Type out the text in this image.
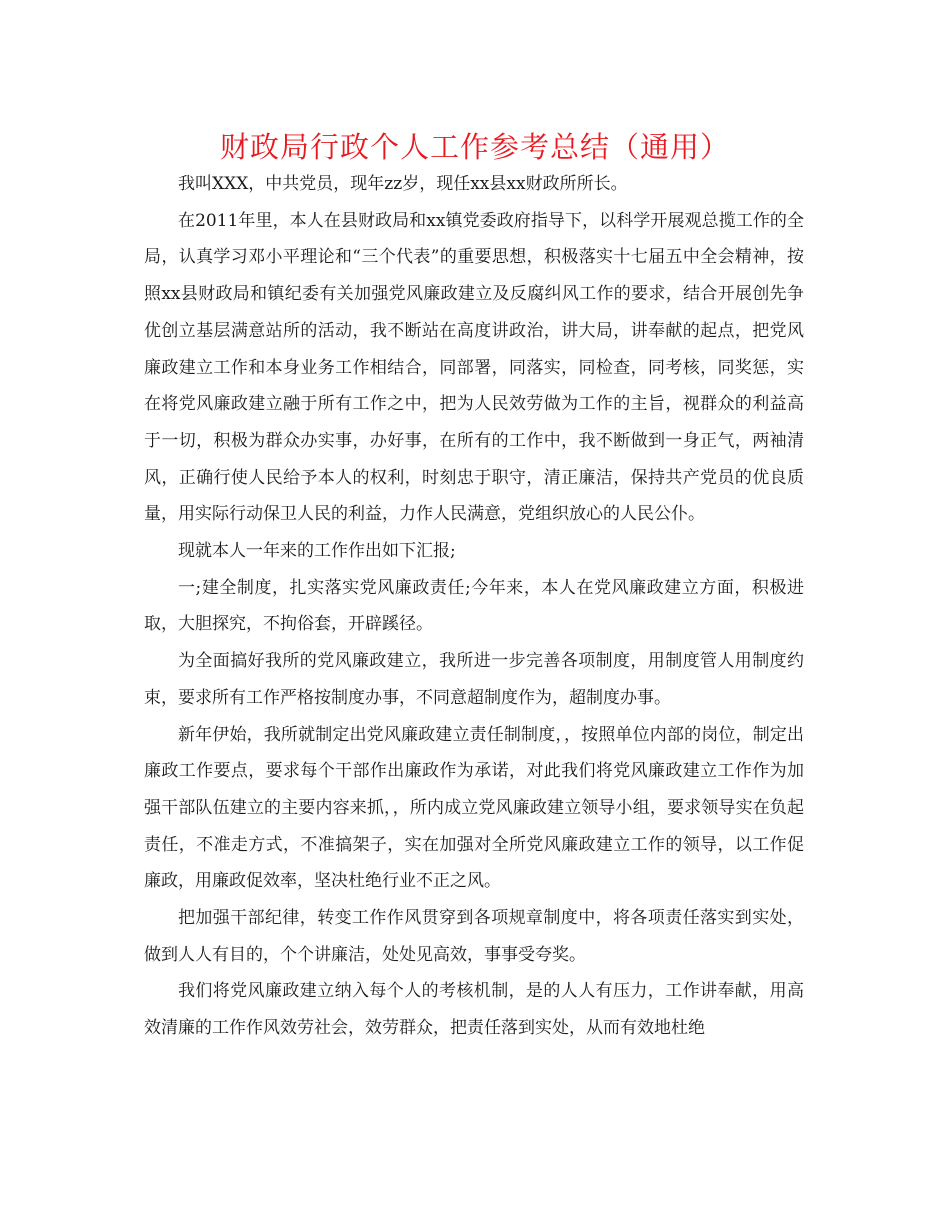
财政局行政个人工作参考总结（通用）

我叫XXX，中共党员，现年zz岁，现任xx县xx财政所所长。

在2011年里，本人在县财政局和xx镇党委政府指导下，以科学开展观总揽工作的全局，认真学习邓小平理论和“三个代表”的重要思想，积极落实十七届五中全会精神，按照xx县财政局和镇纪委有关加强党风廉政建立及反腐纠风工作的要求，结合开展创先争优创立基层满意站所的活动，我不断站在高度讲政治，讲大局，讲奉献的起点，把党风廉政建立工作和本身业务工作相结合，同部署，同落实，同检查，同考核，同奖惩，实在将党风廉政建立融于所有工作之中，把为人民效劳做为工作的主旨，视群众的利益高于一切，积极为群众办实事，办好事，在所有的工作中，我不断做到一身正气，两袖清风，正确行使人民给予本人的权利，时刻忠于职守，清正廉洁，保持共产党员的优良质量，用实际行动保卫人民的利益，力作人民满意，党组织放心的人民公仆。

现就本人一年来的工作作出如下汇报;

一;建全制度，扎实落实党风廉政责任;今年来，本人在党风廉政建立方面，积极进取，大胆探究，不拘俗套，开辟蹊径。

为全面搞好我所的党风廉政建立，我所进一步完善各项制度，用制度管人用制度约束，要求所有工作严格按制度办事，不同意超制度作为，超制度办事。

新年伊始，我所就制定出党风廉政建立责任制制度，，按照单位内部的岗位，制定出廉政工作要点，要求每个干部作出廉政作为承诺，对此我们将党风廉政建立工作作为加强干部队伍建立的主要内容来抓，，所内成立党风廉政建立领导小组，要求领导实在负起责任，不准走方式，不准搞架子，实在加强对全所党风廉政建立工作的领导，以工作促廉政，用廉政促效率，坚决杜绝行业不正之风。

把加强干部纪律，转变工作作风贯穿到各项规章制度中，将各项责任落实到实处，做到人人有目的，个个讲廉洁，处处见高效，事事受夸奖。

我们将党风廉政建立纳入每个人的考核机制，是的人人有压力，工作讲奉献，用高效清廉的工作作风效劳社会，效劳群众，把责任落到实处，从而有效地杜绝
